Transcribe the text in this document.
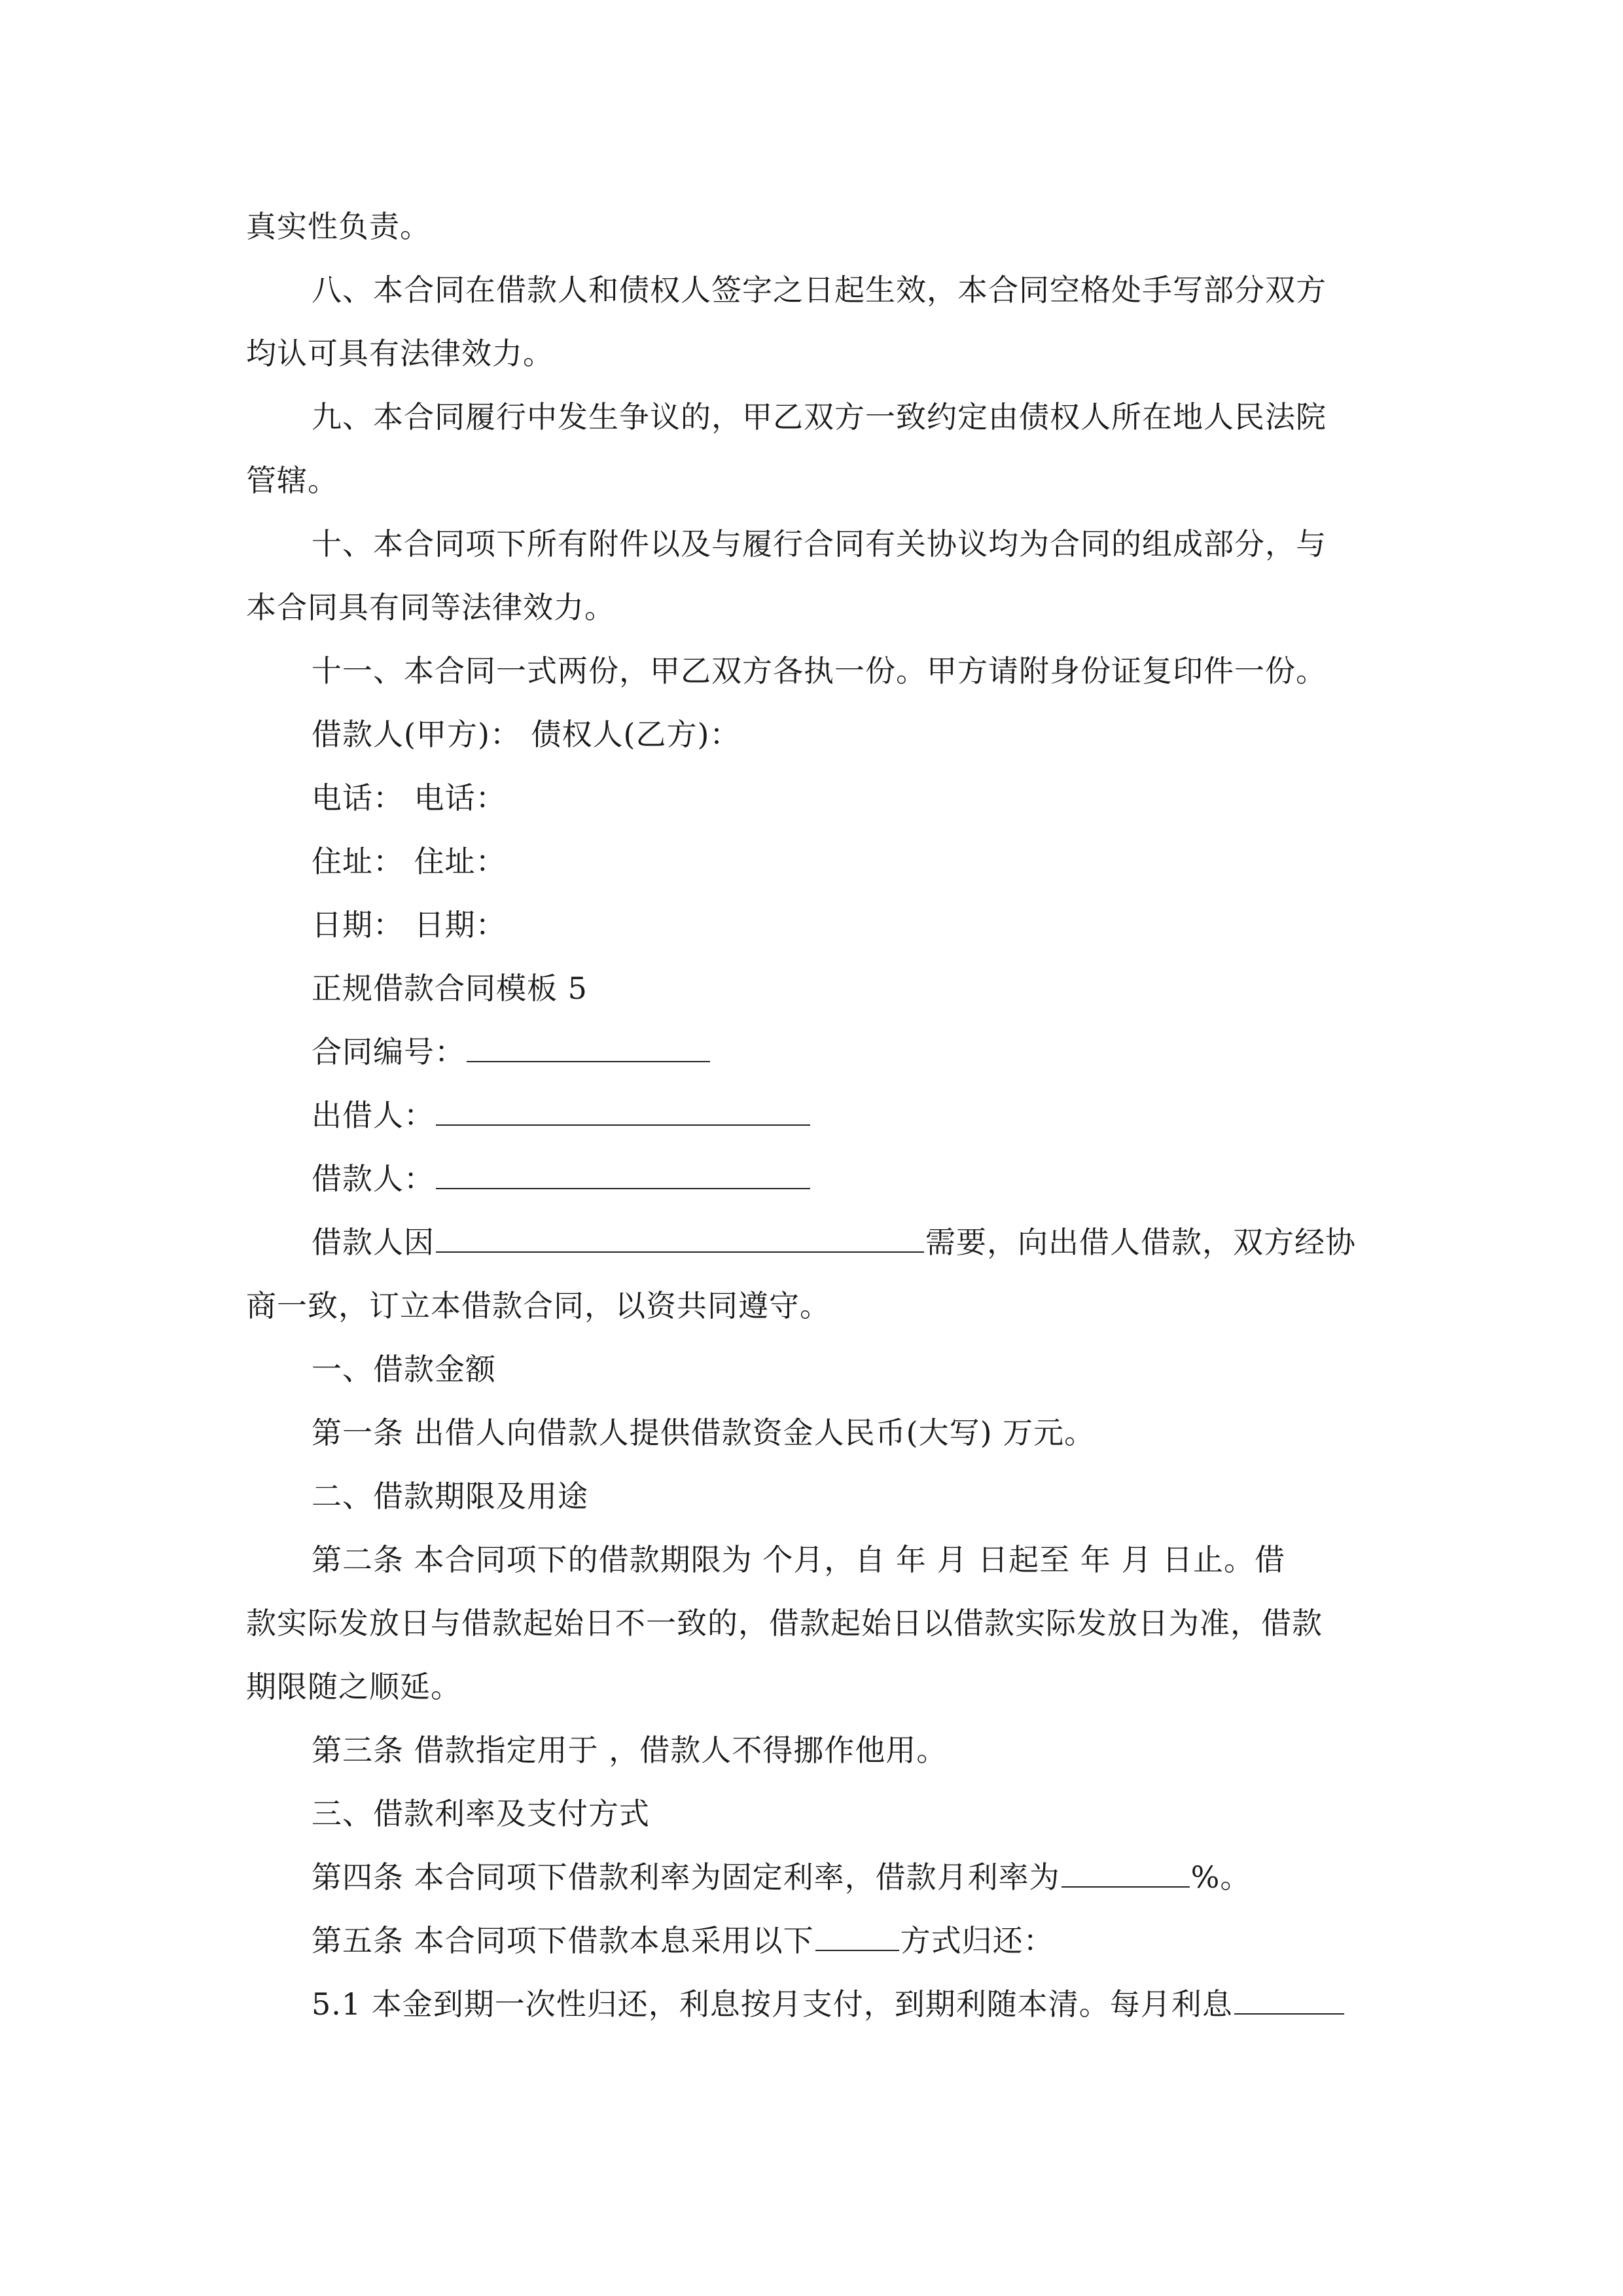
真实性负责。

八、本合同在借款人和债权人签字之日起生效，本合同空格处手写部分双方

均认可具有法律效力。

九、本合同履行中发生争议的，甲乙双方一致约定由债权人所在地人民法院

管辖。

十、本合同项下所有附件以及与履行合同有关协议均为合同的组成部分，与

本合同具有同等法律效力。

十一、本合同一式两份，甲乙双方各执一份。甲方请附身份证复印件一份。

借款人(甲方)： 债权人(乙方)：

电话： 电话：

住址： 住址：

日期： 日期：

正规借款合同模板 5

合同编号：

出借人：

借款人：

借款人因	需要，向出借人借款，双方经协

商一致，订立本借款合同，以资共同遵守。

一、借款金额

第一条 出借人向借款人提供借款资金人民币(大写) 万元。

二、借款期限及用途

第二条 本合同项下的借款期限为 个月，自 年 月 日起至 年 月 日止。借

款实际发放日与借款起始日不一致的，借款起始日以借款实际发放日为准，借款

期限随之顺延。

第三条 借款指定用于 ，借款人不得挪作他用。

三、借款利率及支付方式

第四条 本合同项下借款利率为固定利率，借款月利率为	%。

第五条 本合同项下借款本息采用以下	方式归还：

5.1 本金到期一次性归还，利息按月支付，到期利随本清。每月利息
